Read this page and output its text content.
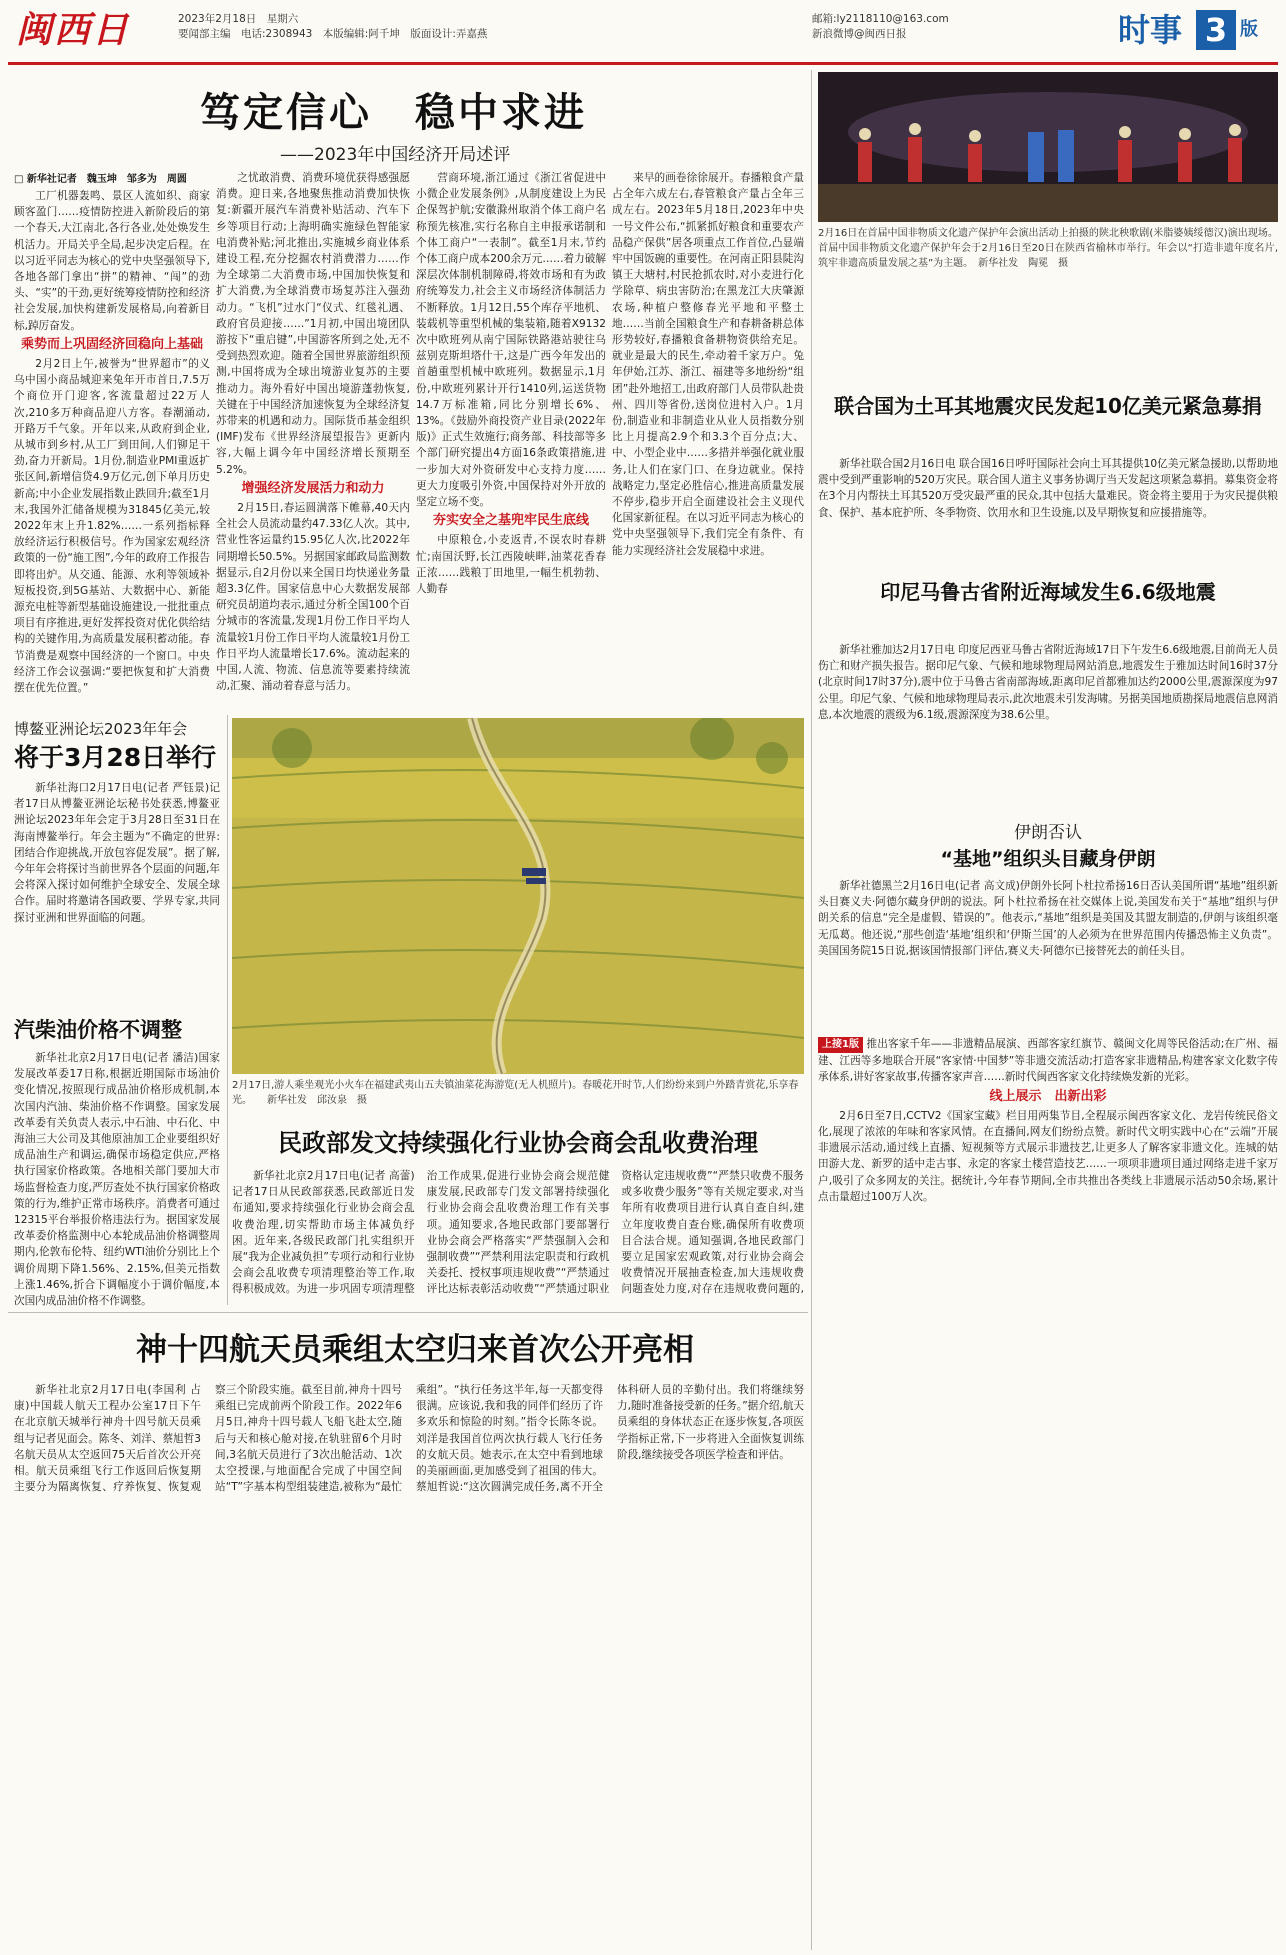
闽西日	2023年2月18日　星期六
要闻部主编　电话:2308943　本版编辑:阿千坤　版面设计:弄嘉燕
邮箱:ly2118110@163.com
新浪微博@闽西日报	时事 3 版
笃定信心　稳中求进
——2023年中国经济开局述评
□ 新华社记者　魏玉坤　邹多为　周圆

工厂机器轰鸣、景区人流如织、商家顾客盈门……疫情防控进入新阶段后的第一个春天,大江南北,各行各业,处处焕发生机活力。开局关乎全局,起步决定后程。在以习近平同志为核心的党中央坚强领导下,各地各部门拿出“拼”的精神、“闯”的劲头、“实”的干劲,更好统筹疫情防控和经济社会发展,加快构建新发展格局,向着新目标,踔厉奋发。

乘势而上巩固经济回稳向上基础

2月2日上午,被誉为“世界超市”的义乌中国小商品城迎来兔年开市首日,7.5万个商位开门迎客,客流量超过22万人次,210多万种商品迎八方客。春潮涌动,开路万千气象。开年以来,从政府到企业,从城市到乡村,从工厂到田间,人们铆足干劲,奋力开新局。1月份,制造业PMI重返扩张区间,新增信贷4.9万亿元,创下单月历史新高;中小企业发展指数止跌回升;截至1月末,我国外汇储备规模为31845亿美元,较2022年末上升1.82%……一系列指标释放经济运行积极信号。作为国家宏观经济政策的一份“施工图”,今年的政府工作报告即将出炉。从交通、能源、水利等领域补短板投资,到5G基站、大数据中心、新能源充电桩等新型基础设施建设,一批批重点项目有序推进,更好发挥投资对优化供给结构的关键作用,为高质量发展积蓄动能。春节消费是观察中国经济的一个窗口。中央经济工作会议强调:“要把恢复和扩大消费摆在优先位置。”

之忧敢消费、消费环境优获得感强愿消费。迎日来,各地聚焦推动消费加快恢复:新疆开展汽车消费补贴活动、汽车下乡等项目行动;上海明确实施绿色智能家电消费补贴;河北推出,实施城乡商业体系建设工程,充分挖掘农村消费潜力……作为全球第二大消费市场,中国加快恢复和扩大消费,为全球消费市场复苏注入强劲动力。“飞机”过水门“仪式、红毯礼遇、政府官员迎接……”1月初,中国出境团队游按下“重启键”,中国游客所到之处,无不受到热烈欢迎。随着全国世界旅游组织预测,中国将成为全球出境游业复苏的主要推动力。海外看好中国出境游蓬勃恢复,关键在于中国经济加速恢复为全球经济复苏带来的机遇和动力。国际货币基金组织(IMF)发布《世界经济展望报告》更新内容,大幅上调今年中国经济增长预期至5.2%。

增强经济发展活力和动力

2月15日,春运圆满落下帷幕,40天内全社会人员流动量约47.33亿人次。其中,营业性客运量约15.95亿人次,比2022年同期增长50.5%。另据国家邮政局监测数据显示,自2月份以来全国日均快递业务量超3.3亿件。国家信息中心大数据发展部研究员胡道均表示,通过分析全国100个百分城市的客流量,发现1月份工作日平均人流量较1月份工作日平均人流量较1月份工作日平均人流量增长17.6%。流动起来的中国,人流、物流、信息流等要素持续流动,汇聚、涌动着春意与活力。

营商环境,浙江通过《浙江省促进中小微企业发展条例》,从制度建设上为民企保驾护航;安徽滁州取消个体工商户名称预先核准,实行名称自主申报承诺制和个体工商户“一表制”。截至1月末,节约个体工商户成本200余万元……着力破解深层次体制机制障碍,将效市场和有为政府统筹发力,社会主义市场经济体制活力不断释放。1月12日,55个库存平地机、装载机等重型机械的集装箱,随着X9132次中欧班列从南宁国际铁路港站驶往乌兹别克斯坦塔什干,这是广西今年发出的首趟重型机械中欧班列。数据显示,1月份,中欧班列累计开行1410列,运送货物14.7万标准箱,同比分别增长6%、13%。《鼓励外商投资产业目录(2022年版)》正式生效施行;商务部、科技部等多个部门研究提出4方面16条政策措施,进一步加大对外资研发中心支持力度……更大力度吸引外资,中国保持对外开放的坚定立场不变。

夯实安全之基兜牢民生底线

中原粮仓,小麦返青,不误农时春耕忙;南国沃野,长江西陵峡畔,油菜花香春正浓……践粮丁田地里,一幅生机勃勃、人勤春

来早的画卷徐徐展开。春播粮食产量占全年六成左右,春管粮食产量占全年三成左右。2023年5月18日,2023年中央一号文件公布,“抓紧抓好粮食和重要农产品稳产保供”居各项重点工作首位,凸显端牢中国饭碗的重要性。在河南正阳县陡沟镇王大塘村,村民抢抓农时,对小麦进行化学除草、病虫害防治;在黑龙江大庆肇源农场,种植户整修春光平地和平整土地……当前全国粮食生产和春耕备耕总体形势较好,春播粮食备耕物资供给充足。就业是最大的民生,牵动着千家万户。兔年伊始,江苏、浙江、福建等多地纷纷“组团”赴外地招工,出政府部门人员带队赴贵州、四川等省份,送岗位进村入户。1月份,制造业和非制造业从业人员指数分别比上月提高2.9个和3.3个百分点;大、中、小型企业中……多措并举强化就业服务,让人们在家门口、在身边就业。保持战略定力,坚定必胜信心,推进高质量发展不停步,稳步开启全面建设社会主义现代化国家新征程。在以习近平同志为核心的党中央坚强领导下,我们完全有条件、有能力实现经济社会发展稳中求进。

博鳌亚洲论坛2023年年会
将于3月28日举行

新华社海口2月17日电(记者 严钰景)记者17日从博鳌亚洲论坛秘书处获悉,博鳌亚洲论坛2023年年会定于3月28日至31日在海南博鳌举行。年会主题为“不确定的世界:团结合作迎挑战,开放包容促发展”。据了解,今年年会将探讨当前世界各个层面的问题,年会将深入探讨如何维护全球安全、发展全球合作。届时将邀请各国政要、学界专家,共同探讨亚洲和世界面临的问题。

汽柴油价格不调整

新华社北京2月17日电(记者 潘洁)国家发展改革委17日称,根据近期国际市场油价变化情况,按照现行成品油价格形成机制,本次国内汽油、柴油价格不作调整。国家发展改革委有关负责人表示,中石油、中石化、中海油三大公司及其他原油加工企业要组织好成品油生产和调运,确保市场稳定供应,严格执行国家价格政策。各地相关部门要加大市场监督检查力度,严厉查处不执行国家价格政策的行为,维护正常市场秩序。消费者可通过12315平台举报价格违法行为。据国家发展改革委价格监测中心本轮成品油价格调整周期内,伦敦布伦特、纽约WTI油价分别比上个调价周期下降1.56%、2.15%,但美元指数上涨1.46%,折合下调幅度小于调价幅度,本次国内成品油价格不作调整。

2月17日,游人乘坐观光小火车在福建武夷山五夫镇油菜花海游览(无人机照片)。春暖花开时节,人们纷纷来到户外踏青赏花,乐享春光。　　新华社发　邱汝泉　摄
民政部发文持续强化行业协会商会乱收费治理

新华社北京2月17日电(记者 高蕾)记者17日从民政部获悉,民政部近日发布通知,要求持续强化行业协会商会乱收费治理,切实帮助市场主体减负纾困。近年来,各级民政部门扎实组织开展“我为企业减负担”专项行动和行业协会商会乱收费专项清理整治等工作,取得积极成效。为进一步巩固专项清理整治工作成果,促进行业协会商会规范健康发展,民政部专门发文部署持续强化行业协会商会乱收费治理工作有关事项。通知要求,各地民政部门要部署行业协会商会严格落实“严禁强制入会和强制收费”“严禁利用法定职责和行政机关委托、授权事项违规收费”“严禁通过评比达标表彰活动收费”“严禁通过职业资格认定违规收费”“严禁只收费不服务或多收费少服务”等有关规定要求,对当年所有收费项目进行认真自查自纠,建立年度收费自查台账,确保所有收费项目合法合规。通知强调,各地民政部门要立足国家宏观政策,对行业协会商会收费情况开展抽查检查,加大违规收费问题查处力度,对存在违规收费问题的,

神十四航天员乘组太空归来首次公开亮相

新华社北京2月17日电(李国利 占康)中国载人航天工程办公室17日下午在北京航天城举行神舟十四号航天员乘组与记者见面会。陈冬、刘洋、蔡旭哲3名航天员从太空返回75天后首次公开亮相。航天员乘组飞行工作返回后恢复期主要分为隔离恢复、疗养恢复、恢复观察三个阶段实施。截至目前,神舟十四号乘组已完成前两个阶段工作。2022年6月5日,神舟十四号载人飞船飞赴太空,随后与天和核心舱对接,在轨驻留6个月时间,3名航天员进行了3次出舱活动、1次太空授课,与地面配合完成了中国空间站“T”字基本构型组装建造,被称为“最忙乘组”。“执行任务这半年,每一天都变得很满。应该说,我和我的同伴们经历了许多欢乐和惊险的时刻。”指令长陈冬说。刘洋是我国首位两次执行载人飞行任务的女航天员。她表示,在太空中看到地球的美丽画面,更加感受到了祖国的伟大。蔡旭哲说:“这次圆满完成任务,离不开全体科研人员的辛勤付出。我们将继续努力,随时准备接受新的任务。”据介绍,航天员乘组的身体状态正在逐步恢复,各项医学指标正常,下一步将进入全面恢复训练阶段,继续接受各项医学检查和评估。

2月16日在首届中国非物质文化遗产保护年会演出活动上拍摄的陕北秧歌剧(米脂婆姨绥德汉)演出现场。首届中国非物质文化遗产保护年会于2月16日至20日在陕西省榆林市举行。年会以“打造非遗年度名片,筑牢非遗高质量发展之基”为主题。　新华社发　陶冕　摄
联合国为土耳其地震灾民发起10亿美元紧急募捐

新华社联合国2月16日电 联合国16日呼吁国际社会向土耳其提供10亿美元紧急援助,以帮助地震中受到严重影响的520万灾民。联合国人道主义事务协调厅当天发起这项紧急募捐。募集资金将在3个月内帮扶土耳其520万受灾最严重的民众,其中包括大量难民。资金将主要用于为灾民提供粮食、保护、基本庇护所、冬季物资、饮用水和卫生设施,以及早期恢复和应援措施等。

印尼马鲁古省附近海域发生6.6级地震

新华社雅加达2月17日电 印度尼西亚马鲁古省附近海域17日下午发生6.6级地震,目前尚无人员伤亡和财产损失报告。据印尼气象、气候和地球物理局网站消息,地震发生于雅加达时间16时37分(北京时间17时37分),震中位于马鲁古省南部海域,距离印尼首都雅加达约2000公里,震源深度为97公里。印尼气象、气候和地球物理局表示,此次地震未引发海啸。另据美国地质勘探局地震信息网消息,本次地震的震级为6.1级,震源深度为38.6公里。

伊朗否认
“基地”组织头目藏身伊朗

新华社德黑兰2月16日电(记者 高文成)伊朗外长阿卜杜拉希扬16日否认美国所谓“基地”组织新头目赛义夫·阿德尔藏身伊朗的说法。阿卜杜拉希扬在社交媒体上说,美国发布关于“基地”组织与伊朗关系的信息“完全是虚假、错误的”。他表示,“基地”组织是美国及其盟友制造的,伊朗与该组织毫无瓜葛。他还说,“那些创造‘基地’组织和‘伊斯兰国’的人必须为在世界范围内传播恐怖主义负责”。美国国务院15日说,据该国情报部门评估,赛义夫·阿德尔已接替死去的前任头目。

上接1版 推出客家千年——非遗精品展演、西部客家红旗节、赣闽文化周等民俗活动;在广州、福建、江西等多地联合开展“客家情·中国梦”等非遗交流活动;打造客家非遗精品,构建客家文化数字传承体系,讲好客家故事,传播客家声音……新时代闽西客家文化持续焕发新的光彩。

线上展示　出新出彩

2月6日至7日,CCTV2《国家宝藏》栏目用两集节目,全程展示闽西客家文化、龙岩传统民俗文化,展现了浓浓的年味和客家风情。在直播间,网友们纷纷点赞。新时代文明实践中心在“云端”开展非遗展示活动,通过线上直播、短视频等方式展示非遗技艺,让更多人了解客家非遗文化。连城的姑田游大龙、新罗的适中走古事、永定的客家土楼营造技艺……一项项非遗项目通过网络走进千家万户,吸引了众多网友的关注。据统计,今年春节期间,全市共推出各类线上非遗展示活动50余场,累计点击量超过100万人次。
